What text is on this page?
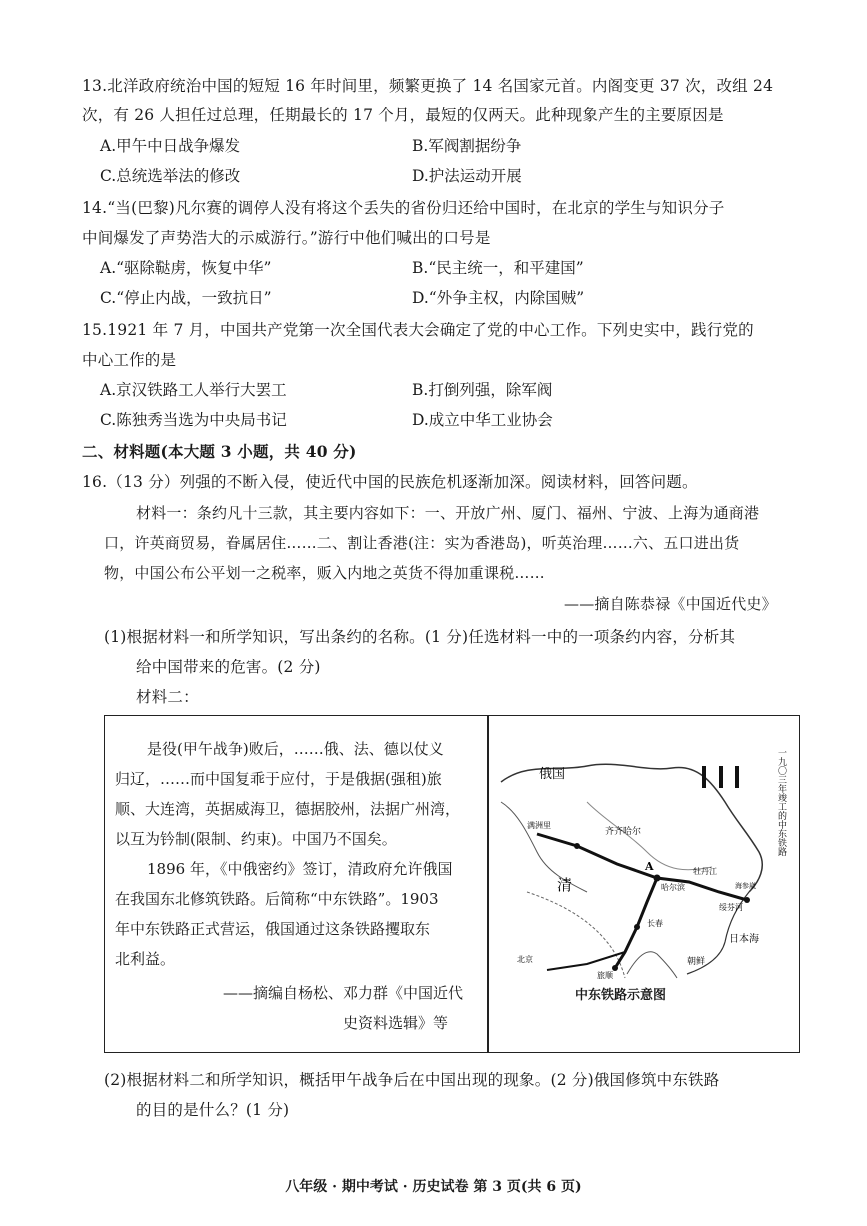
13.北洋政府统治中国的短短 16 年时间里，频繁更换了 14 名国家元首。内阁变更 37 次，改组 24
次，有 26 人担任过总理，任期最长的 17 个月，最短的仅两天。此种现象产生的主要原因是
A.甲午中日战争爆发	B.军阀割据纷争
C.总统选举法的修改	D.护法运动开展
14.“当(巴黎)凡尔赛的调停人没有将这个丢失的省份归还给中国时，在北京的学生与知识分子
中间爆发了声势浩大的示威游行。”游行中他们喊出的口号是
A.“驱除鞑虏，恢复中华”	B.“民主统一，和平建国”
C.“停止内战，一致抗日”	D.“外争主权，内除国贼”
15.1921 年 7 月，中国共产党第一次全国代表大会确定了党的中心工作。下列史实中，践行党的
中心工作的是
A.京汉铁路工人举行大罢工	B.打倒列强，除军阀
C.陈独秀当选为中央局书记	D.成立中华工业协会
二、材料题(本大题 3 小题，共 40 分)
16.（13 分）列强的不断入侵，使近代中国的民族危机逐渐加深。阅读材料，回答问题。
材料一：条约凡十三款，其主要内容如下：一、开放广州、厦门、福州、宁波、上海为通商港
口，许英商贸易，眷属居住……二、割让香港(注：实为香港岛)，听英治理……六、五口进出货
物，中国公布公平划一之税率，贩入内地之英货不得加重课税……
——摘自陈恭禄《中国近代史》
(1)根据材料一和所学知识，写出条约的名称。(1 分)任选材料一中的一项条约内容，分析其
给中国带来的危害。(2 分)
材料二：
是役(甲午战争)败后，……俄、法、德以仗义
归辽，……而中国复乖于应付，于是俄据(强租)旅
顺、大连湾，英据威海卫，德据胶州，法据广州湾，
以互为钤制(限制、约束)。中国乃不国矣。
1896 年，《中俄密约》签订，清政府允许俄国
在我国东北修筑铁路。后简称“中东铁路”。1903
年中东铁路正式营运，俄国通过这条铁路攫取东
北利益。
——摘编自杨松、邓力群《中国近代
史资料选辑》等
俄国
清
日本海
朝鲜
齐齐哈尔
A
满洲里
哈尔滨
牡丹江
长春
绥芬河
北京
旅顺
海参崴
一九〇三年竣工的中东铁路
中东铁路示意图
(2)根据材料二和所学知识，概括甲午战争后在中国出现的现象。(2 分)俄国修筑中东铁路
的目的是什么？(1 分)
八年级 · 期中考试 · 历史试卷 第 3 页(共 6 页)
